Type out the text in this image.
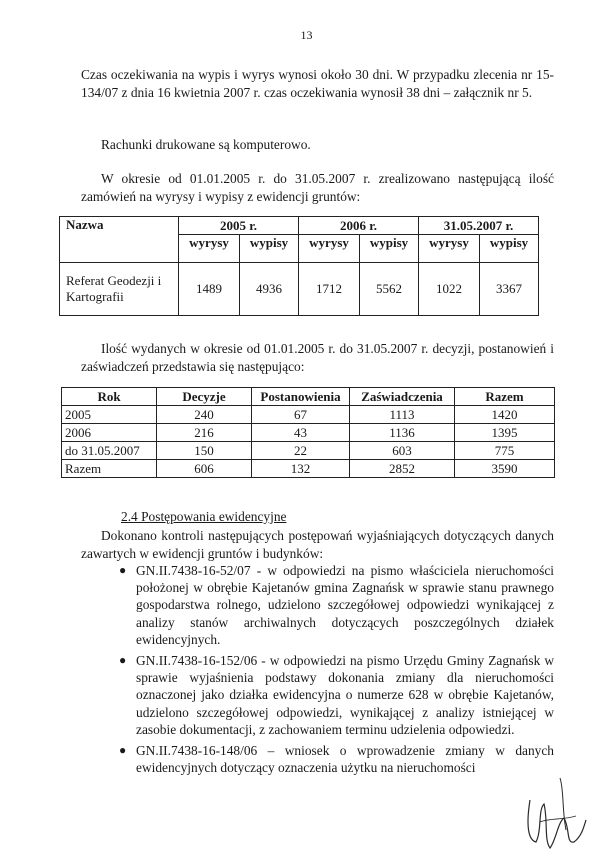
13
Czas oczekiwania na wypis i wyrys wynosi około 30 dni. W przypadku zlecenia nr 15-134/07 z dnia 16 kwietnia 2007 r. czas oczekiwania wynosił 38 dni – załącznik nr 5.
Rachunki drukowane są komputerowo.
W okresie od 01.01.2005 r. do 31.05.2007 r. zrealizowano następującą ilość zamówień na wyrysy i wypisy z ewidencji gruntów:
Nazwa	2005 r.		2006 r.		31.05.2007 r.	
	wyrysy	wypisy	wyrysy	wypisy	wyrysy	wypisy
Referat Geodezji i Kartografii	1489	4936	1712	5562	1022	3367
Ilość wydanych w okresie od 01.01.2005 r. do 31.05.2007 r. decyzji, postanowień i zaświadczeń przedstawia się następująco:
Rok	Decyzje	Postanowienia	Zaświadczenia	Razem
2005	240	67	1113	1420
2006	216	43	1136	1395
do 31.05.2007	150	22	603	775
Razem	606	132	2852	3590
2.4 Postępowania ewidencyjne
Dokonano kontroli następujących postępowań wyjaśniających dotyczących danych zawartych w ewidencji gruntów i budynków:
● GN.II.7438-16-52/07 - w odpowiedzi na pismo właściciela nieruchomości położonej w obrębie Kajetanów gmina Zagnańsk w sprawie stanu prawnego gospodarstwa rolnego, udzielono szczegółowej odpowiedzi wynikającej z analizy stanów archiwalnych dotyczących poszczególnych działek ewidencyjnych.
● GN.II.7438-16-152/06 - w odpowiedzi na pismo Urzędu Gminy Zagnańsk w sprawie wyjaśnienia podstawy dokonania zmiany dla nieruchomości oznaczonej jako działka ewidencyjna o numerze 628 w obrębie Kajetanów, udzielono szczegółowej odpowiedzi, wynikającej z analizy istniejącej w zasobie dokumentacji, z zachowaniem terminu udzielenia odpowiedzi.
● GN.II.7438-16-148/06 – wniosek o wprowadzenie zmiany w danych ewidencyjnych dotyczący oznaczenia użytku na nieruchomości
